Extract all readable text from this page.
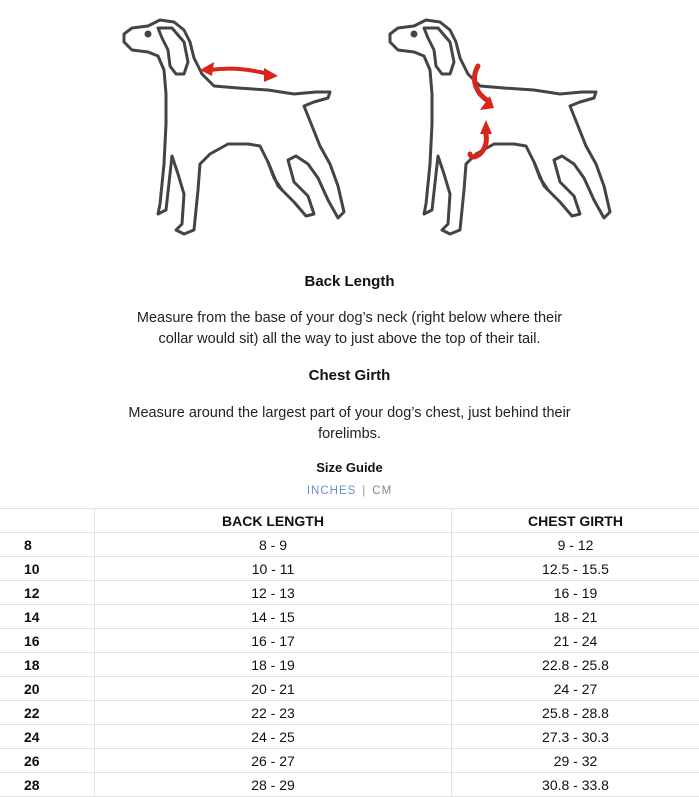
Back Length
Measure from the base of your dog’s neck (right below where their collar would sit) all the way to just above the top of their tail.
Chest Girth
Measure around the largest part of your dog’s chest, just behind their forelimbs.
Size Guide
INCHES | CM
	BACK LENGTH	CHEST GIRTH
8	8 - 9	9 - 12
10	10 - 11	12.5 - 15.5
12	12 - 13	16 - 19
14	14 - 15	18 - 21
16	16 - 17	21 - 24
18	18 - 19	22.8 - 25.8
20	20 - 21	24 - 27
22	22 - 23	25.8 - 28.8
24	24 - 25	27.3 - 30.3
26	26 - 27	29 - 32
28	28 - 29	30.8 - 33.8
